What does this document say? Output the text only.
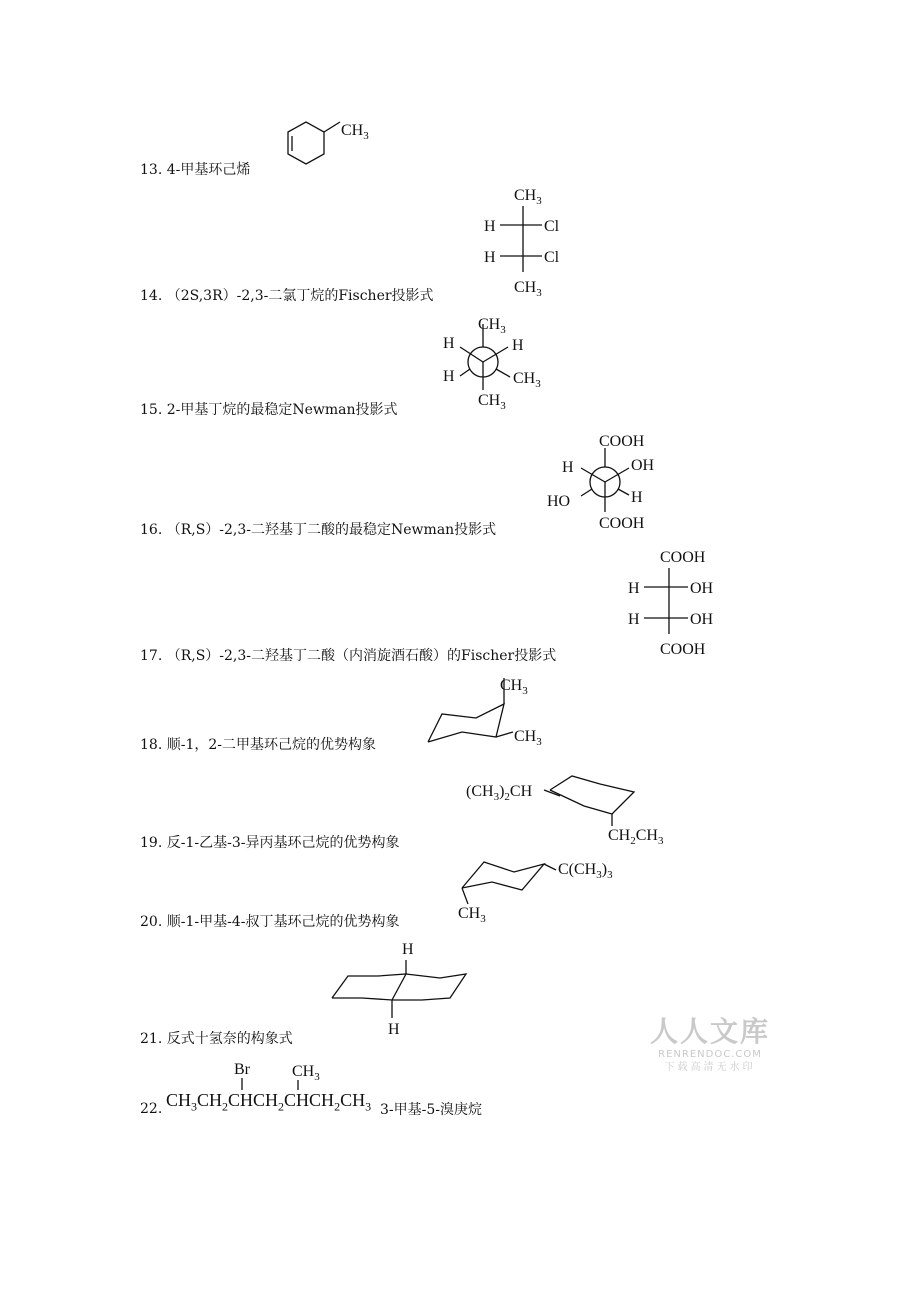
13. 4-甲基环己烯
$CH_3$
14. （2S,3R）-2,3-二氯丁烷的Fischer投影式
$CH_3$
H	Cl
H	Cl
$CH_3$
15. 2-甲基丁烷的最稳定Newman投影式
$CH_3$
H	H
H	$CH_3$
$CH_3$
16. （R,S）-2,3-二羟基丁二酸的最稳定Newman投影式
COOH
H	OH
HO	H
COOH
17. （R,S）-2,3-二羟基丁二酸（内消旋酒石酸）的Fischer投影式
COOH
H	OH
H	OH
COOH
18. 顺-1，2-二甲基环己烷的优势构象
$CH_3$
$CH_3$
19. 反-1-乙基-3-异丙基环己烷的优势构象
$(CH_3)_2CH$
$CH_2CH_3$
20. 顺-1-甲基-4-叔丁基环己烷的优势构象
$C(CH_3)_3$
$CH_3$
21. 反式十氢奈的构象式
H
H
22.
Br	$CH_3$
$CH_3CH_2CHCH_2CHCH_2CH_3$ 3-甲基-5-溴庚烷
人人文库
RENRENDOC.COM
下载高清无水印
